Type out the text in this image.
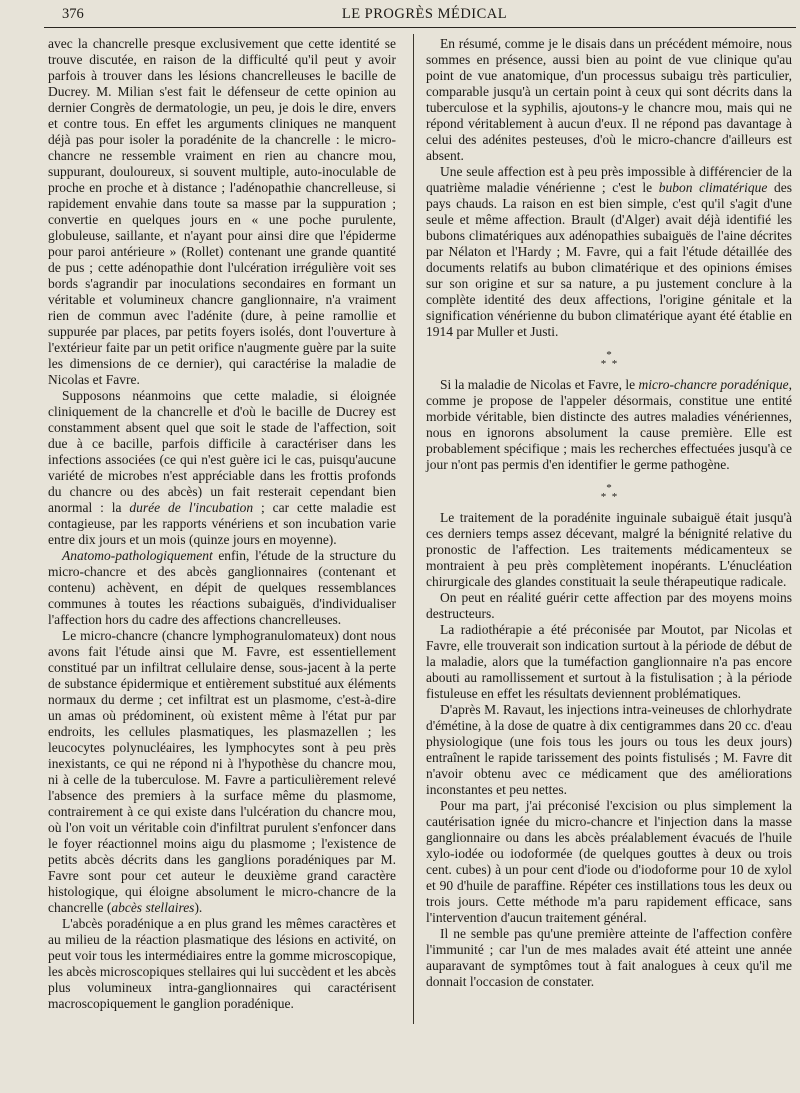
376	LE PROGRÈS MÉDICAL

avec la chancrelle presque exclusivement que cette identité se trouve discutée, en raison de la difficulté qu'il peut y avoir parfois à trouver dans les lésions chancrelleuses le bacille de Ducrey. M. Milian s'est fait le défenseur de cette opinion au dernier Congrès de dermatologie, un peu, je dois le dire, envers et contre tous. En effet les arguments cliniques ne manquent déjà pas pour isoler la poradénite de la chancrelle : le micro-chancre ne ressemble vraiment en rien au chancre mou, suppurant, douloureux, si souvent multiple, auto-inoculable de proche en proche et à distance ; l'adénopathie chancrelleuse, si rapidement envahie dans toute sa masse par la suppuration ; convertie en quelques jours en « une poche purulente, globuleuse, saillante, et n'ayant pour ainsi dire que l'épiderme pour paroi antérieure » (Rollet) contenant une grande quantité de pus ; cette adénopathie dont l'ulcération irrégulière voit ses bords s'agrandir par inoculations secondaires en formant un véritable et volumineux chancre ganglionnaire, n'a vraiment rien de commun avec l'adénite (dure, à peine ramollie et suppurée par places, par petits foyers isolés, dont l'ouverture à l'extérieur faite par un petit orifice n'augmente guère par la suite les dimensions de ce dernier), qui caractérise la maladie de Nicolas et Favre.

Supposons néanmoins que cette maladie, si éloignée cliniquement de la chancrelle et d'où le bacille de Ducrey est constamment absent quel que soit le stade de l'affection, soit due à ce bacille, parfois difficile à caractériser dans les infections associées (ce qui n'est guère ici le cas, puisqu'aucune variété de microbes n'est appréciable dans les frottis profonds du chancre ou des abcès) un fait resterait cependant bien anormal : la durée de l'incubation ; car cette maladie est contagieuse, par les rapports vénériens et son incubation varie entre dix jours et un mois (quinze jours en moyenne).

Anatomo-pathologiquement enfin, l'étude de la structure du micro-chancre et des abcès ganglionnaires (contenant et contenu) achèvent, en dépit de quelques ressemblances communes à toutes les réactions subaiguës, d'individualiser l'affection hors du cadre des affections chancrelleuses.

Le micro-chancre (chancre lymphogranulomateux) dont nous avons fait l'étude ainsi que M. Favre, est essentiellement constitué par un infiltrat cellulaire dense, sous-jacent à la perte de substance épidermique et entièrement substitué aux éléments normaux du derme ; cet infiltrat est un plasmome, c'est-à-dire un amas où prédominent, où existent même à l'état pur par endroits, les cellules plasmatiques, les plasmazellen ; les leucocytes polynucléaires, les lymphocytes sont à peu près inexistants, ce qui ne répond ni à l'hypothèse du chancre mou, ni à celle de la tuberculose. M. Favre a particulièrement relevé l'absence des premiers à la surface même du plasmome, contrairement à ce qui existe dans l'ulcération du chancre mou, où l'on voit un véritable coin d'infiltrat purulent s'enfoncer dans le foyer réactionnel moins aigu du plasmome ; l'existence de petits abcès décrits dans les ganglions poradéniques par M. Favre sont pour cet auteur le deuxième grand caractère histologique, qui éloigne absolument le micro-chancre de la chancrelle (abcès stellaires).

L'abcès poradénique a en plus grand les mêmes caractères et au milieu de la réaction plasmatique des lésions en activité, on peut voir tous les intermédiaires entre la gomme microscopique, les abcès microscopiques stellaires qui lui succèdent et les abcès plus volumineux intra-ganglionnaires qui caractérisent macroscopiquement le ganglion poradénique.

En résumé, comme je le disais dans un précédent mémoire, nous sommes en présence, aussi bien au point de vue clinique qu'au point de vue anatomique, d'un processus subaigu très particulier, comparable jusqu'à un certain point à ceux qui sont décrits dans la tuberculose et la syphilis, ajoutons-y le chancre mou, mais qui ne répond véritablement à aucun d'eux. Il ne répond pas davantage à celui des adénites pesteuses, d'où le micro-chancre d'ailleurs est absent.

Une seule affection est à peu près impossible à différencier de la quatrième maladie vénérienne ; c'est le bubon climatérique des pays chauds. La raison en est bien simple, c'est qu'il s'agit d'une seule et même affection. Brault (d'Alger) avait déjà identifié les bubons climatériques aux adénopathies subaiguës de l'aine décrites par Nélaton et l'Hardy ; M. Favre, qui a fait l'étude détaillée des documents relatifs au bubon climatérique et des opinions émises sur son origine et sur sa nature, a pu justement conclure à la complète identité des deux affections, l'origine génitale et la signification vénérienne du bubon climatérique ayant été établie en 1914 par Muller et Justi.

*
* *

Si la maladie de Nicolas et Favre, le micro-chancre poradénique, comme je propose de l'appeler désormais, constitue une entité morbide véritable, bien distincte des autres maladies vénériennes, nous en ignorons absolument la cause première. Elle est probablement spécifique ; mais les recherches effectuées jusqu'à ce jour n'ont pas permis d'en identifier le germe pathogène.

*
* *

Le traitement de la poradénite inguinale subaiguë était jusqu'à ces derniers temps assez décevant, malgré la bénignité relative du pronostic de l'affection. Les traitements médicamenteux se montraient à peu près complètement inopérants. L'énucléation chirurgicale des glandes constituait la seule thérapeutique radicale.

On peut en réalité guérir cette affection par des moyens moins destructeurs.

La radiothérapie a été préconisée par Moutot, par Nicolas et Favre, elle trouverait son indication surtout à la période de début de la maladie, alors que la tuméfaction ganglionnaire n'a pas encore abouti au ramollissement et surtout à la fistulisation ; à la période fistuleuse en effet les résultats deviennent problématiques.

D'après M. Ravaut, les injections intra-veineuses de chlorhydrate d'émétine, à la dose de quatre à dix centigrammes dans 20 cc. d'eau physiologique (une fois tous les jours ou tous les deux jours) entraînent le rapide tarissement des points fistulisés ; M. Favre dit n'avoir obtenu avec ce médicament que des améliorations inconstantes et peu nettes.

Pour ma part, j'ai préconisé l'excision ou plus simplement la cautérisation ignée du micro-chancre et l'injection dans la masse ganglionnaire ou dans les abcès préalablement évacués de l'huile xylo-iodée ou iodoformée (de quelques gouttes à deux ou trois cent. cubes) à un pour cent d'iode ou d'iodoforme pour 10 de xylol et 90 d'huile de paraffine. Répéter ces instillations tous les deux ou trois jours. Cette méthode m'a paru rapidement efficace, sans l'intervention d'aucun traitement général.

Il ne semble pas qu'une première atteinte de l'affection confère l'immunité ; car l'un de mes malades avait été atteint une année auparavant de symptômes tout à fait analogues à ceux qu'il me donnait l'occasion de constater.
